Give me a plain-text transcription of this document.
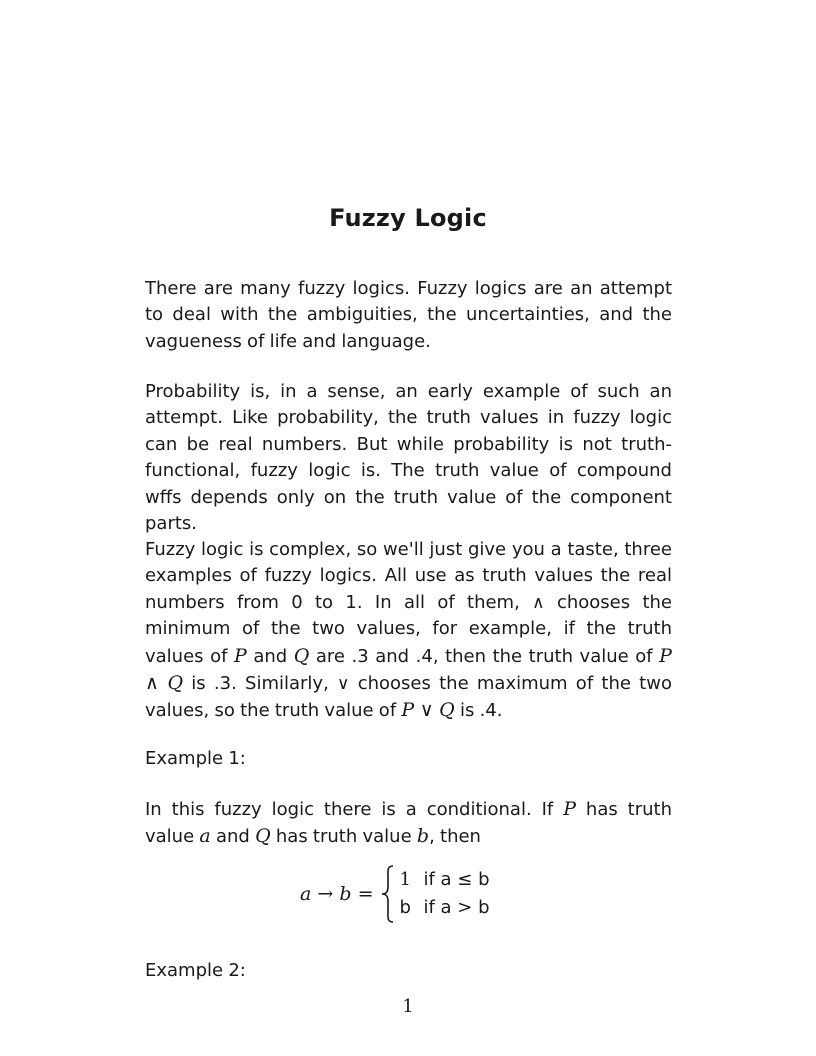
Fuzzy Logic
There are many fuzzy logics. Fuzzy logics are an attempt to deal with the ambiguities, the uncertainties, and the vagueness of life and language.
Probability is, in a sense, an early example of such an attempt. Like probability, the truth values in fuzzy logic can be real numbers. But while probability is not truth-functional, fuzzy logic is. The truth value of compound wffs depends only on the truth value of the component parts.
Fuzzy logic is complex, so we'll just give you a taste, three examples of fuzzy logics. All use as truth values the real numbers from 0 to 1. In all of them, ∧ chooses the minimum of the two values, for example, if the truth values of P and Q are .3 and .4, then the truth value of P ∧ Q is .3. Similarly, ∨ chooses the maximum of the two values, so the truth value of P ∨ Q is .4.
Example 1:
In this fuzzy logic there is a conditional. If P has truth value a and Q has truth value b, then
a → b =
1 if a ≤ b
b if a > b
Example 2:
1
